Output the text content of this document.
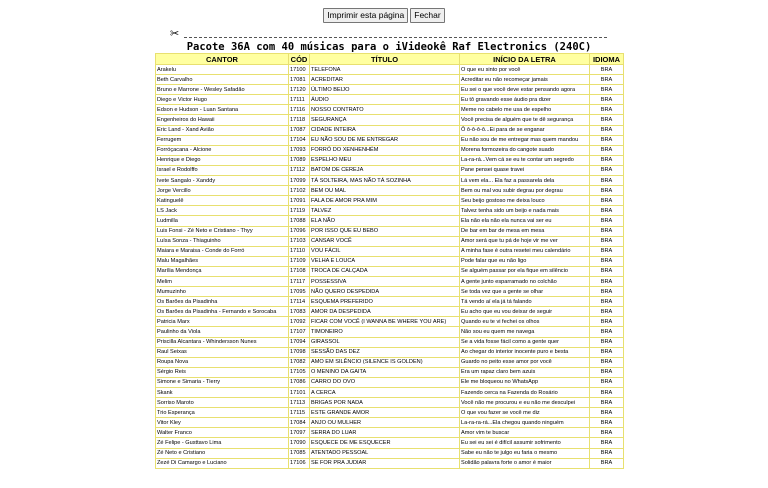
Imprimir esta página Fechar
✂
Pacote 36A com 40 músicas para o iVideokê Raf Electronics (240C)
CANTOR	CÓD	TÍTULO	INÍCIO DA LETRA	IDIOMA
Arakelu	17100	TELEFONA	O que eu sinto por você	BRA
Beth Carvalho	17081	ACREDITAR	Acreditar eu não recomeçar jamais	BRA
Bruno e Marrone - Wesley Safadão	17120	ÚLTIMO BEIJO	Eu sei o que você deve estar pensando agora	BRA
Diego e Victor Hugo	17111	ÁUDIO	Eu tô gravando esse áudio pra dizer	BRA
Edson e Hudson - Luan Santana	17116	NOSSO CONTRATO	Meme no cabelo me usa de espelho	BRA
Engenheiros do Hawaii	17118	SEGURANÇA	Você precisa de alguém que te dê segurança	BRA
Eric Land - Xand Avião	17087	CIDADE INTEIRA	Ô ô-ô-ô-ô...Ei para de se enganar	BRA
Ferrugem	17104	EU NÃO SOU DE ME ENTREGAR	Eu não sou de me entregar mas quem mandou	BRA
Forróçacana - Alcione	17093	FORRÓ DO XENHENHÉM	Morena formozeira do cangote suado	BRA
Henrique e Diego	17089	ESPELHO MEU	La-ra-rá...Vem cá se eu te contar um segredo	BRA
Israel e Rodolffo	17112	BATOM DE CEREJA	Pane pensei quase travei	BRA
Ivete Sangalo - Xanddy	17099	TÁ SOLTEIRA, MAS NÃO TÁ SOZINHA	Lá vem ela... Ela faz a passarela dela	BRA
Jorge Vercillo	17102	BEM OU MAL	Bem ou mal vou subir degrau por degrau	BRA
Katinguelê	17091	FALA DE AMOR PRA MIM	Seu beijo gostoso me deixa louco	BRA
LS Jack	17119	TALVEZ	Talvez tenha sido um beijo e nada mais	BRA
Ludmilla	17088	ELA NÃO	Ela não ela não ela nunca vai ser eu	BRA
Luis Fonsi - Zé Neto e Cristiano - Thyy	17096	POR ISSO QUE EU BEBO	De bar em bar de mesa em mesa	BRA
Luísa Sonza - Thiaguinho	17103	CANSAR VOCÊ	Amor será que tu pá de hoje vir me ver	BRA
Maiara e Maraisa - Conde do Forró	17110	VOU FÁCIL	A minha fase é outra resetei meu calendário	BRA
Malu Magalhães	17109	VELHA E LOUCA	Pode falar que eu não ligo	BRA
Marília Mendonça	17108	TROCA DE CALÇADA	Se alguém passar por ela fique em silêncio	BRA
Melim	17117	POSSESSIVA	A gente junto esparramado no colchão	BRA
Mumuzinho	17095	NÃO QUERO DESPEDIDA	Se toda vez que a gente se olhar	BRA
Os Barões da Pisadinha	17114	ESQUEMA PREFERIDO	Tá vendo aí ela já tá falando	BRA
Os Barões da Pisadinha - Fernando e Sorocaba	17083	AMOR DA DESPEDIDA	Eu acho que eu vou deixar de seguir	BRA
Patricia Marx	17092	FICAR COM VOCÊ (I WANNA BE WHERE YOU ARE)	Quando eu te vi fechei os olhos	BRA
Paulinho da Viola	17107	TIMONEIRO	Não sou eu quem me navega	BRA
Priscilla Alcantara - Whindersson Nunes	17094	GIRASSOL	Se a vida fosse fácil como a gente quer	BRA
Raul Seixas	17098	SESSÃO DAS DEZ	Ao chegar do interior inocente puro e besta	BRA
Roupa Nova	17082	AMO EM SILÊNCIO (SILENCE IS GOLDEN)	Guardo no peito esse amor por você	BRA
Sérgio Reis	17105	O MENINO DA GAITA	Era um rapaz claro bem azuis	BRA
Simone e Simaria - Tierry	17086	CARRO DO OVO	Ele me bloqueou no WhatsApp	BRA
Skank	17101	A CERCA	Fazendo cerca na Fazenda do Rosário	BRA
Sorriso Maroto	17113	BRIGAS POR NADA	Você não me procurou e eu não me desculpei	BRA
Trio Esperança	17115	ESTE GRANDE AMOR	O que vou fazer se você me diz	BRA
Vitor Kley	17084	ANJO OU MULHER	La-ra-ra-rá...Ela chegou quando ninguém	BRA
Walter Franco	17097	SERRA DO LUAR	Amor vim te buscar	BRA
Zé Felipe - Gusttavo Lima	17090	ESQUECE DE ME ESQUECER	Eu sei eu sei é difícil assumir sofrimento	BRA
Zé Neto e Cristiano	17085	ATENTADO PESSOAL	Sabe eu não te julgo eu faria o mesmo	BRA
Zezé Di Camargo e Luciano	17106	SE FOR PRA JUDIAR	Solidão palavra forte o amor é maior	BRA
